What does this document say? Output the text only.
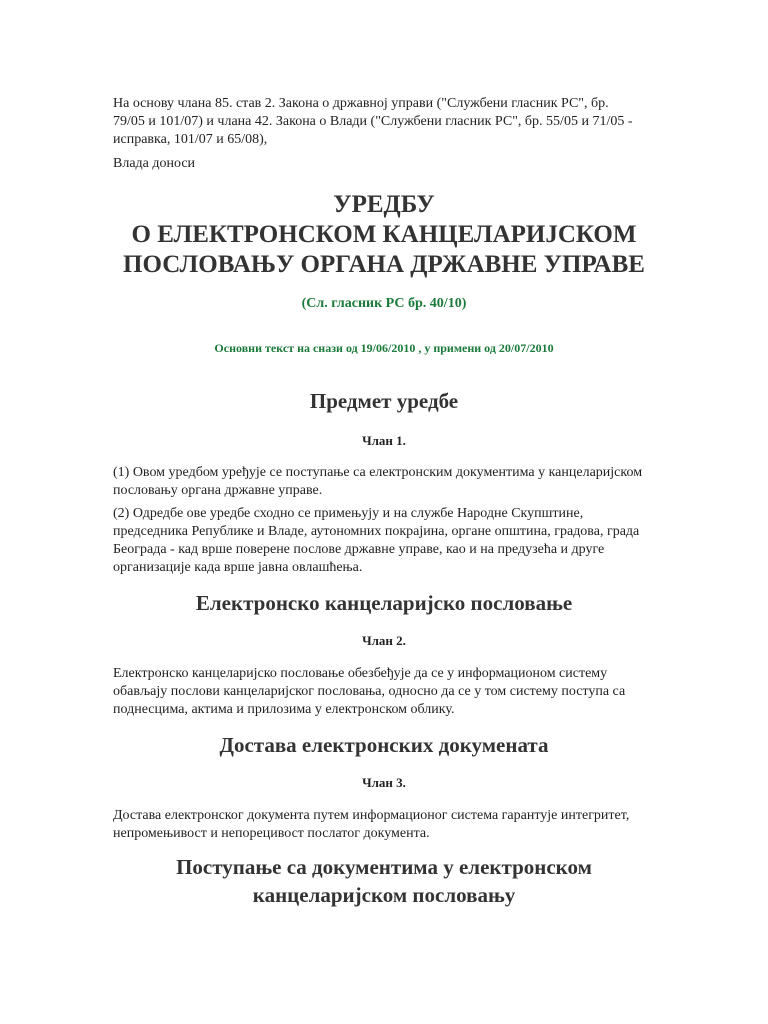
На основу члана 85. став 2. Закона о државној управи ("Службени гласник РС", бр. 79/05 и 101/07) и члана 42. Закона о Влади ("Службени гласник РС", бр. 55/05 и 71/05 - исправка, 101/07 и 65/08),

Влада доноси

УРЕДБУ

О ЕЛЕКТРОНСКОМ КАНЦЕЛАРИЈСКОМ

ПОСЛОВАЊУ ОРГАНА ДРЖАВНЕ УПРАВЕ

(Сл. гласник РС бр. 40/10)

Основни текст на снази од 19/06/2010 , у примени од 20/07/2010

Предмет уредбе

Члан 1.

(1) Овом уредбом уређује се поступање са електронским документима у канцеларијском пословању органа државне управе.

(2) Одредбе ове уредбе сходно се примењују и на службе Народне Скупштине, председника Републике и Владе, аутономних покрајина, органе општина, градова, града Београда - кад врше поверене послове државне управе, као и на предузећа и друге организације када врше јавна овлашћења.

Електронско канцеларијско пословање

Члан 2.

Електронско канцеларијско пословање обезбеђује да се у информационом систему обављају послови канцеларијског пословања, односно да се у том систему поступа са поднесцима, актима и прилозима у електронском облику.

Достава електронских докумената

Члан 3.

Достава електронског документа путем информационог система гарантује интегритет, непромењивост и непорецивост послатог документа.

Поступање са документима у електронском

канцеларијском пословању
